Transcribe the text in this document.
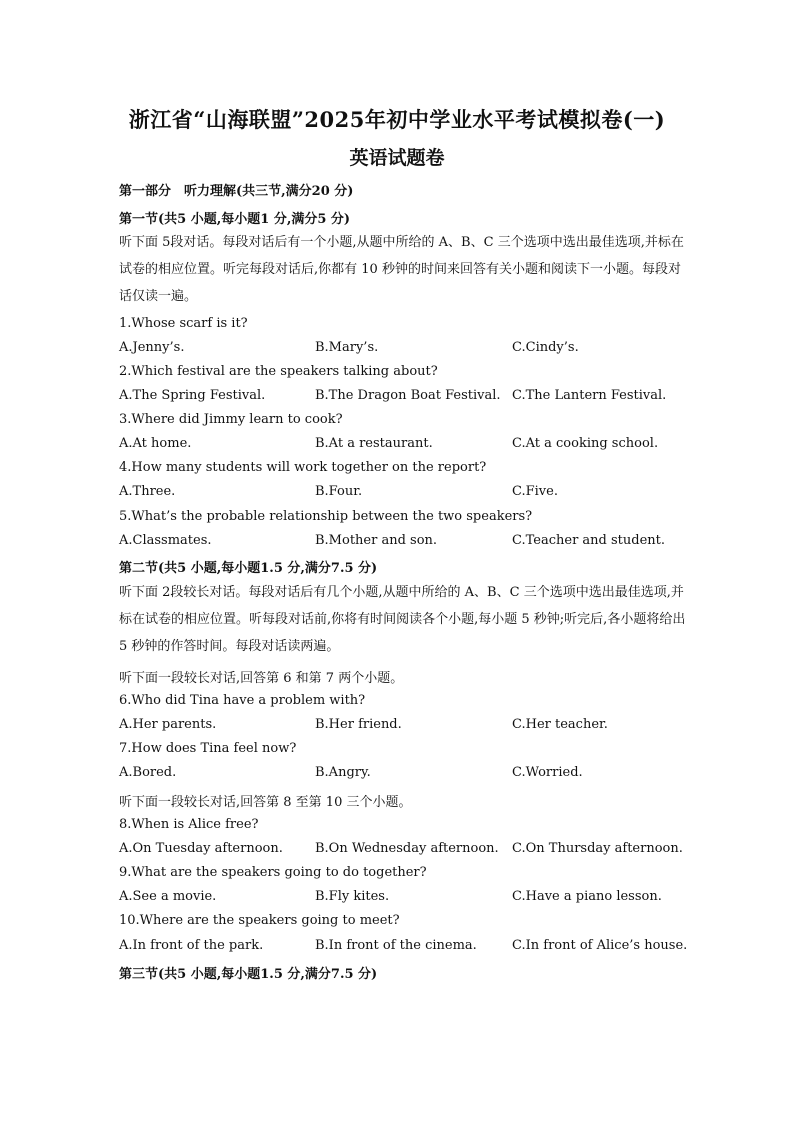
浙江省“山海联盟”2025年初中学业水平考试模拟卷(一)
英语试题卷
第一部分　听力理解(共三节,满分20 分)
第一节(共5 小题,每小题1 分,满分5 分)
听下面 5段对话。每段对话后有一个小题,从题中所给的 A、B、C 三个选项中选出最佳选项,并标在试卷的相应位置。听完每段对话后,你都有 10 秒钟的时间来回答有关小题和阅读下一小题。每段对话仅读一遍。
1.Whose scarf is it?
A.Jenny’s.	B.Mary’s.	C.Cindy’s.
2.Which festival are the speakers talking about?
A.The Spring Festival.	B.The Dragon Boat Festival. C.The Lantern Festival.
3.Where did Jimmy learn to cook?
A.At home.	B.At a restaurant.	C.At a cooking school.
4.How many students will work together on the report?
A.Three.	B.Four.	C.Five.
5.What’s the probable relationship between the two speakers?
A.Classmates.	B.Mother and son.	C.Teacher and student.
第二节(共5 小题,每小题1.5 分,满分7.5 分)
听下面 2段较长对话。每段对话后有几个小题,从题中所给的 A、B、C 三个选项中选出最佳选项,并标在试卷的相应位置。听每段对话前,你将有时间阅读各个小题,每小题 5 秒钟;听完后,各小题将给出 5 秒钟的作答时间。每段对话读两遍。
听下面一段较长对话,回答第 6 和第 7 两个小题。
6.Who did Tina have a problem with?
A.Her parents.	B.Her friend.	C.Her teacher.
7.How does Tina feel now?
A.Bored.	B.Angry.	C.Worried.
听下面一段较长对话,回答第 8 至第 10 三个小题。
8.When is Alice free?
A.On Tuesday afternoon. B.On Wednesday afternoon. C.On Thursday afternoon.
9.What are the speakers going to do together?
A.See a movie.	B.Fly kites.	C.Have a piano lesson.
10.Where are the speakers going to meet?
A.In front of the park.	B.In front of the cinema.	C.In front of Alice’s house.
第三节(共5 小题,每小题1.5 分,满分7.5 分)
